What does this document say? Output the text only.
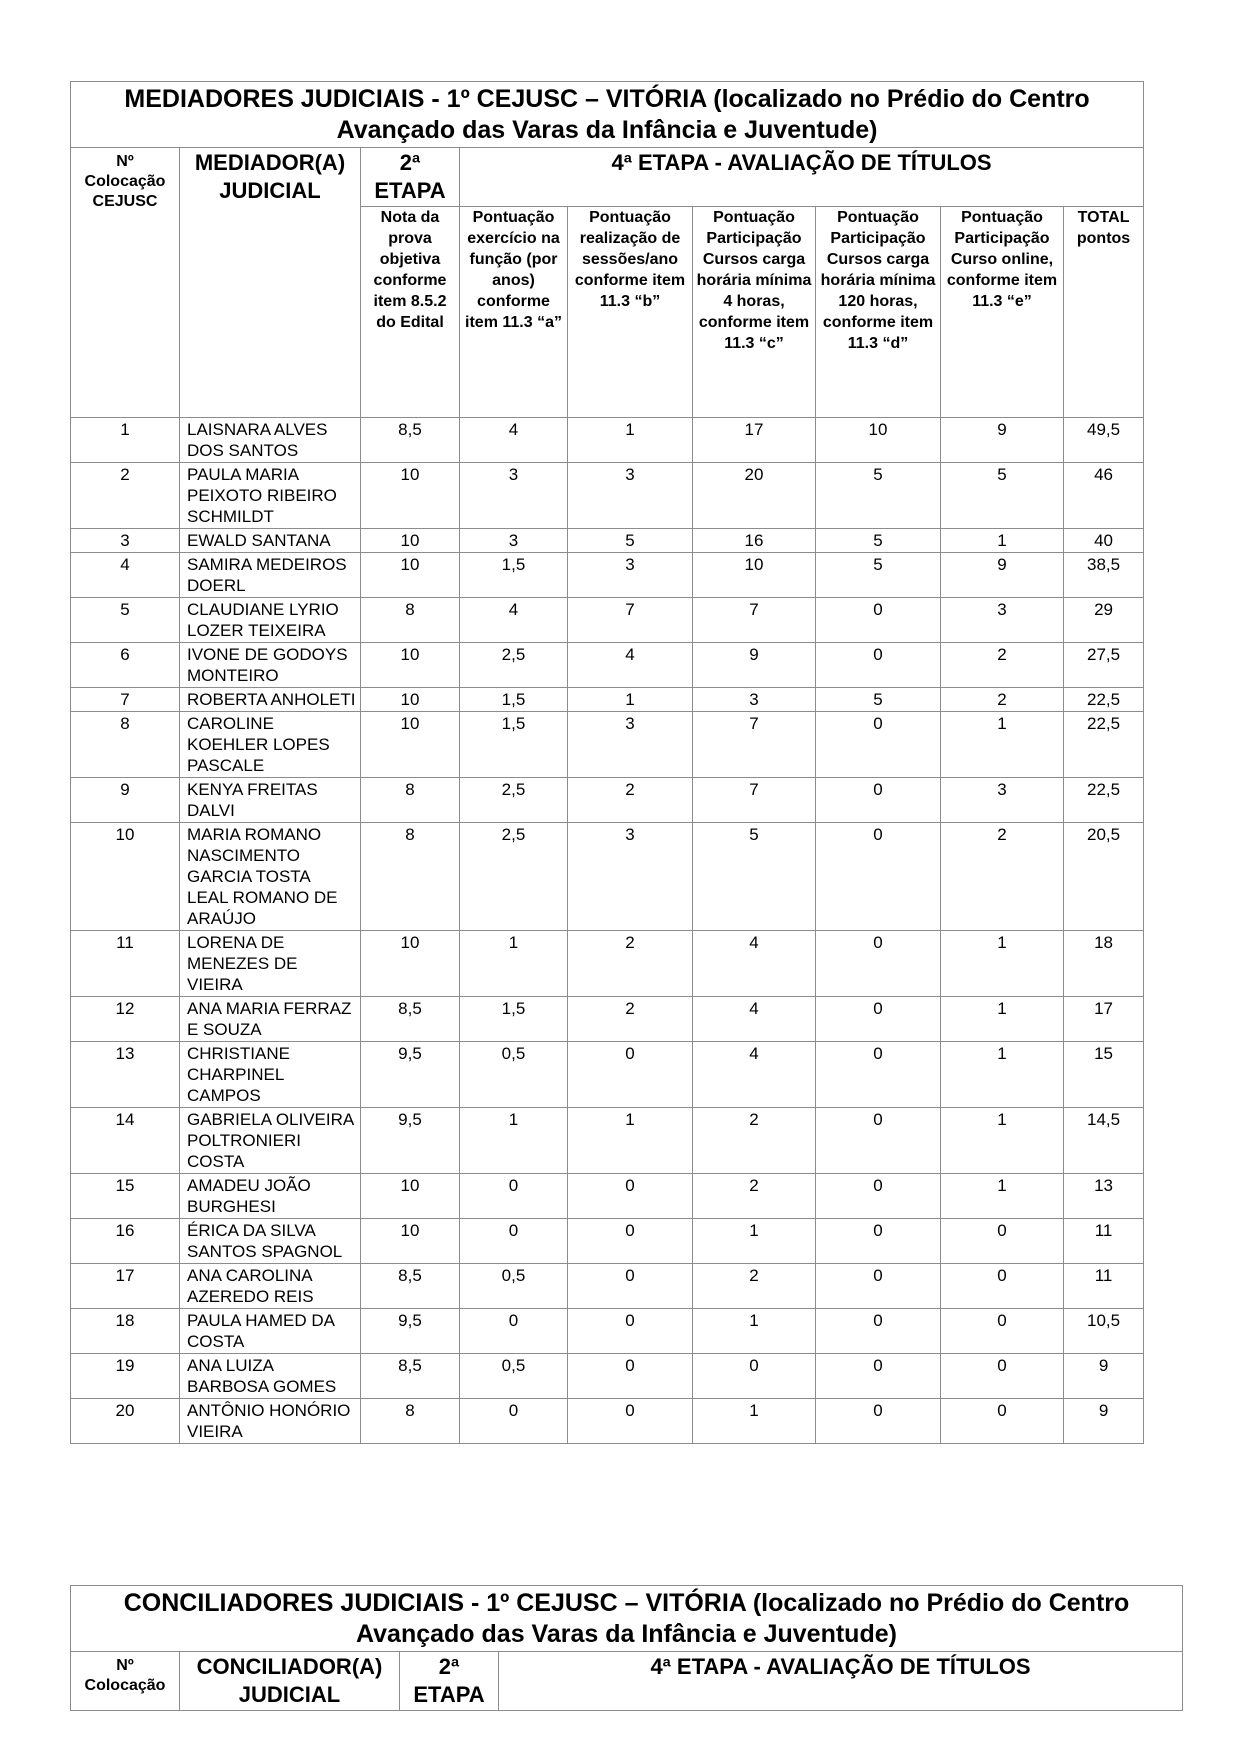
MEDIADORES JUDICIAIS - 1º CEJUSC – VITÓRIA (localizado no Prédio do Centro Avançado das Varas da Infância e Juventude)								
Nº Colocação CEJUSC	MEDIADOR(A) JUDICIAL	2ª ETAPA	4ª ETAPA - AVALIAÇÃO DE TÍTULOS					
		Nota da prova objetiva conforme item 8.5.2 do Edital	Pontuação exercício na função (por anos) conforme item 11.3 “a”	Pontuação realização de sessões/ano conforme item 11.3 “b”	Pontuação Participação Cursos carga horária mínima 4 horas, conforme item 11.3 “c”	Pontuação Participação Cursos carga horária mínima 120 horas, conforme item 11.3 “d”	Pontuação Participação Curso online, conforme item 11.3 “e”	TOTAL pontos
1	LAISNARA ALVES DOS SANTOS	8,5	4	1	17	10	9	49,5
2	PAULA MARIA PEIXOTO RIBEIRO SCHMILDT	10	3	3	20	5	5	46
3	EWALD SANTANA	10	3	5	16	5	1	40
4	SAMIRA MEDEIROS DOERL	10	1,5	3	10	5	9	38,5
5	CLAUDIANE LYRIO LOZER TEIXEIRA	8	4	7	7	0	3	29
6	IVONE DE GODOYS MONTEIRO	10	2,5	4	9	0	2	27,5
7	ROBERTA ANHOLETI	10	1,5	1	3	5	2	22,5
8	CAROLINE KOEHLER LOPES PASCALE	10	1,5	3	7	0	1	22,5
9	KENYA FREITAS DALVI	8	2,5	2	7	0	3	22,5
10	MARIA ROMANO NASCIMENTO GARCIA TOSTA LEAL ROMANO DE ARAÚJO	8	2,5	3	5	0	2	20,5
11	LORENA DE MENEZES DE VIEIRA	10	1	2	4	0	1	18
12	ANA MARIA FERRAZ E SOUZA	8,5	1,5	2	4	0	1	17
13	CHRISTIANE CHARPINEL CAMPOS	9,5	0,5	0	4	0	1	15
14	GABRIELA OLIVEIRA POLTRONIERI COSTA	9,5	1	1	2	0	1	14,5
15	AMADEU JOÃO BURGHESI	10	0	0	2	0	1	13
16	ÉRICA DA SILVA SANTOS SPAGNOL	10	0	0	1	0	0	11
17	ANA CAROLINA AZEREDO REIS	8,5	0,5	0	2	0	0	11
18	PAULA HAMED DA COSTA	9,5	0	0	1	0	0	10,5
19	ANA LUIZA BARBOSA GOMES	8,5	0,5	0	0	0	0	9
20	ANTÔNIO HONÓRIO VIEIRA	8	0	0	1	0	0	9
CONCILIADORES JUDICIAIS - 1º CEJUSC – VITÓRIA (localizado no Prédio do Centro Avançado das Varas da Infância e Juventude)
Nº Colocação	CONCILIADOR(A) JUDICIAL	2ª ETAPA	4ª ETAPA - AVALIAÇÃO DE TÍTULOS
